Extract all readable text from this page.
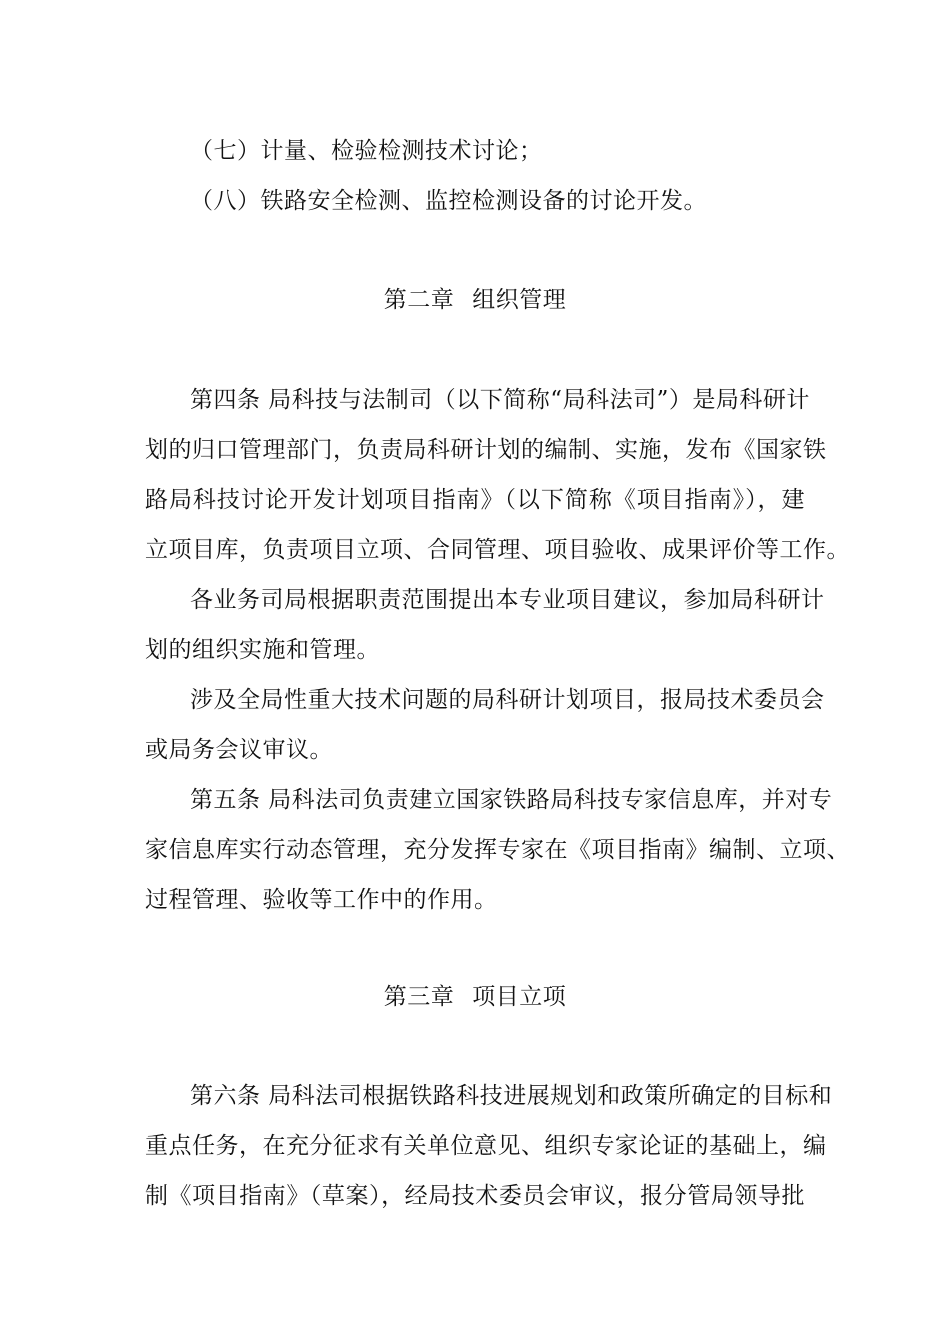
（七）计量、检验检测技术讨论；
（八）铁路安全检测、监控检测设备的讨论开发。
第二章 组织管理
第四条 局科技与法制司（以下简称“局科法司”）是局科研计
划的归口管理部门，负责局科研计划的编制、实施，发布《国家铁
路局科技讨论开发计划项目指南》（以下简称《项目指南》），建
立项目库，负责项目立项、合同管理、项目验收、成果评价等工作。
各业务司局根据职责范围提出本专业项目建议，参加局科研计
划的组织实施和管理。
涉及全局性重大技术问题的局科研计划项目，报局技术委员会
或局务会议审议。
第五条 局科法司负责建立国家铁路局科技专家信息库，并对专
家信息库实行动态管理，充分发挥专家在《项目指南》编制、立项、
过程管理、验收等工作中的作用。
第三章 项目立项
第六条 局科法司根据铁路科技进展规划和政策所确定的目标和
重点任务，在充分征求有关单位意见、组织专家论证的基础上，编
制《项目指南》（草案），经局技术委员会审议，报分管局领导批
